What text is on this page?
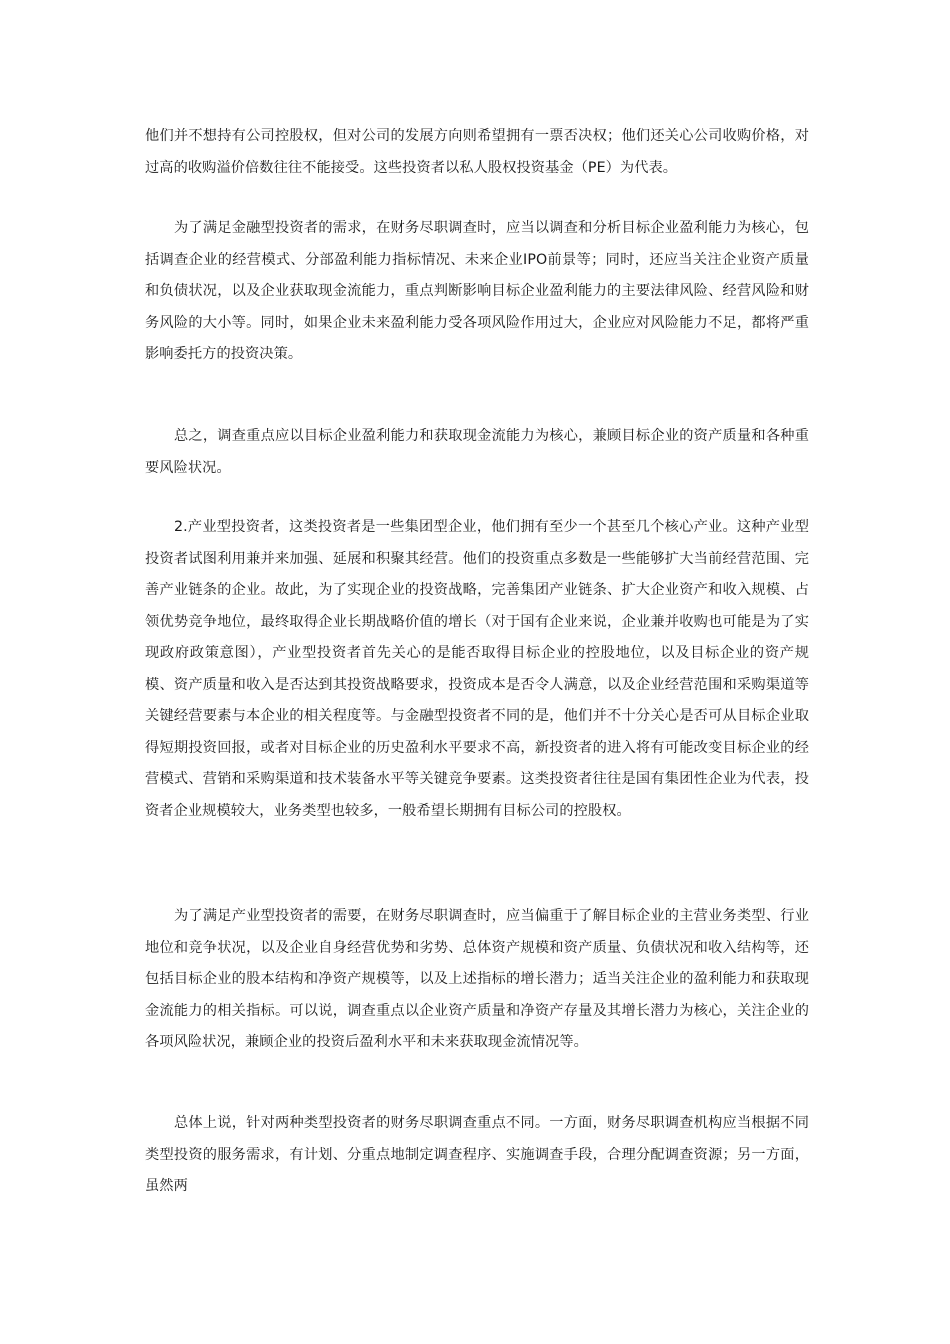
他们并不想持有公司控股权，但对公司的发展方向则希望拥有一票否决权；他们还关心公司收购价格，对过高的收购溢价倍数往往不能接受。这些投资者以私人股权投资基金（PE）为代表。

为了满足金融型投资者的需求，在财务尽职调查时，应当以调查和分析目标企业盈利能力为核心，包括调查企业的经营模式、分部盈利能力指标情况、未来企业IPO前景等；同时，还应当关注企业资产质量和负债状况，以及企业获取现金流能力，重点判断影响目标企业盈利能力的主要法律风险、经营风险和财务风险的大小等。同时，如果企业未来盈利能力受各项风险作用过大，企业应对风险能力不足，都将严重影响委托方的投资决策。

总之，调查重点应以目标企业盈利能力和获取现金流能力为核心，兼顾目标企业的资产质量和各种重要风险状况。

2.产业型投资者，这类投资者是一些集团型企业，他们拥有至少一个甚至几个核心产业。这种产业型投资者试图利用兼并来加强、延展和积聚其经营。他们的投资重点多数是一些能够扩大当前经营范围、完善产业链条的企业。故此，为了实现企业的投资战略，完善集团产业链条、扩大企业资产和收入规模、占领优势竞争地位，最终取得企业长期战略价值的增长（对于国有企业来说，企业兼并收购也可能是为了实现政府政策意图），产业型投资者首先关心的是能否取得目标企业的控股地位，以及目标企业的资产规模、资产质量和收入是否达到其投资战略要求，投资成本是否令人满意，以及企业经营范围和采购渠道等关键经营要素与本企业的相关程度等。与金融型投资者不同的是，他们并不十分关心是否可从目标企业取得短期投资回报，或者对目标企业的历史盈利水平要求不高，新投资者的进入将有可能改变目标企业的经营模式、营销和采购渠道和技术装备水平等关键竞争要素。这类投资者往往是国有集团性企业为代表，投资者企业规模较大，业务类型也较多，一般希望长期拥有目标公司的控股权。

为了满足产业型投资者的需要，在财务尽职调查时，应当偏重于了解目标企业的主营业务类型、行业地位和竞争状况，以及企业自身经营优势和劣势、总体资产规模和资产质量、负债状况和收入结构等，还包括目标企业的股本结构和净资产规模等，以及上述指标的增长潜力；适当关注企业的盈利能力和获取现金流能力的相关指标。可以说，调查重点以企业资产质量和净资产存量及其增长潜力为核心，关注企业的各项风险状况，兼顾企业的投资后盈利水平和未来获取现金流情况等。

总体上说，针对两种类型投资者的财务尽职调查重点不同。一方面，财务尽职调查机构应当根据不同类型投资的服务需求，有计划、分重点地制定调查程序、实施调查手段，合理分配调查资源；另一方面，虽然两
